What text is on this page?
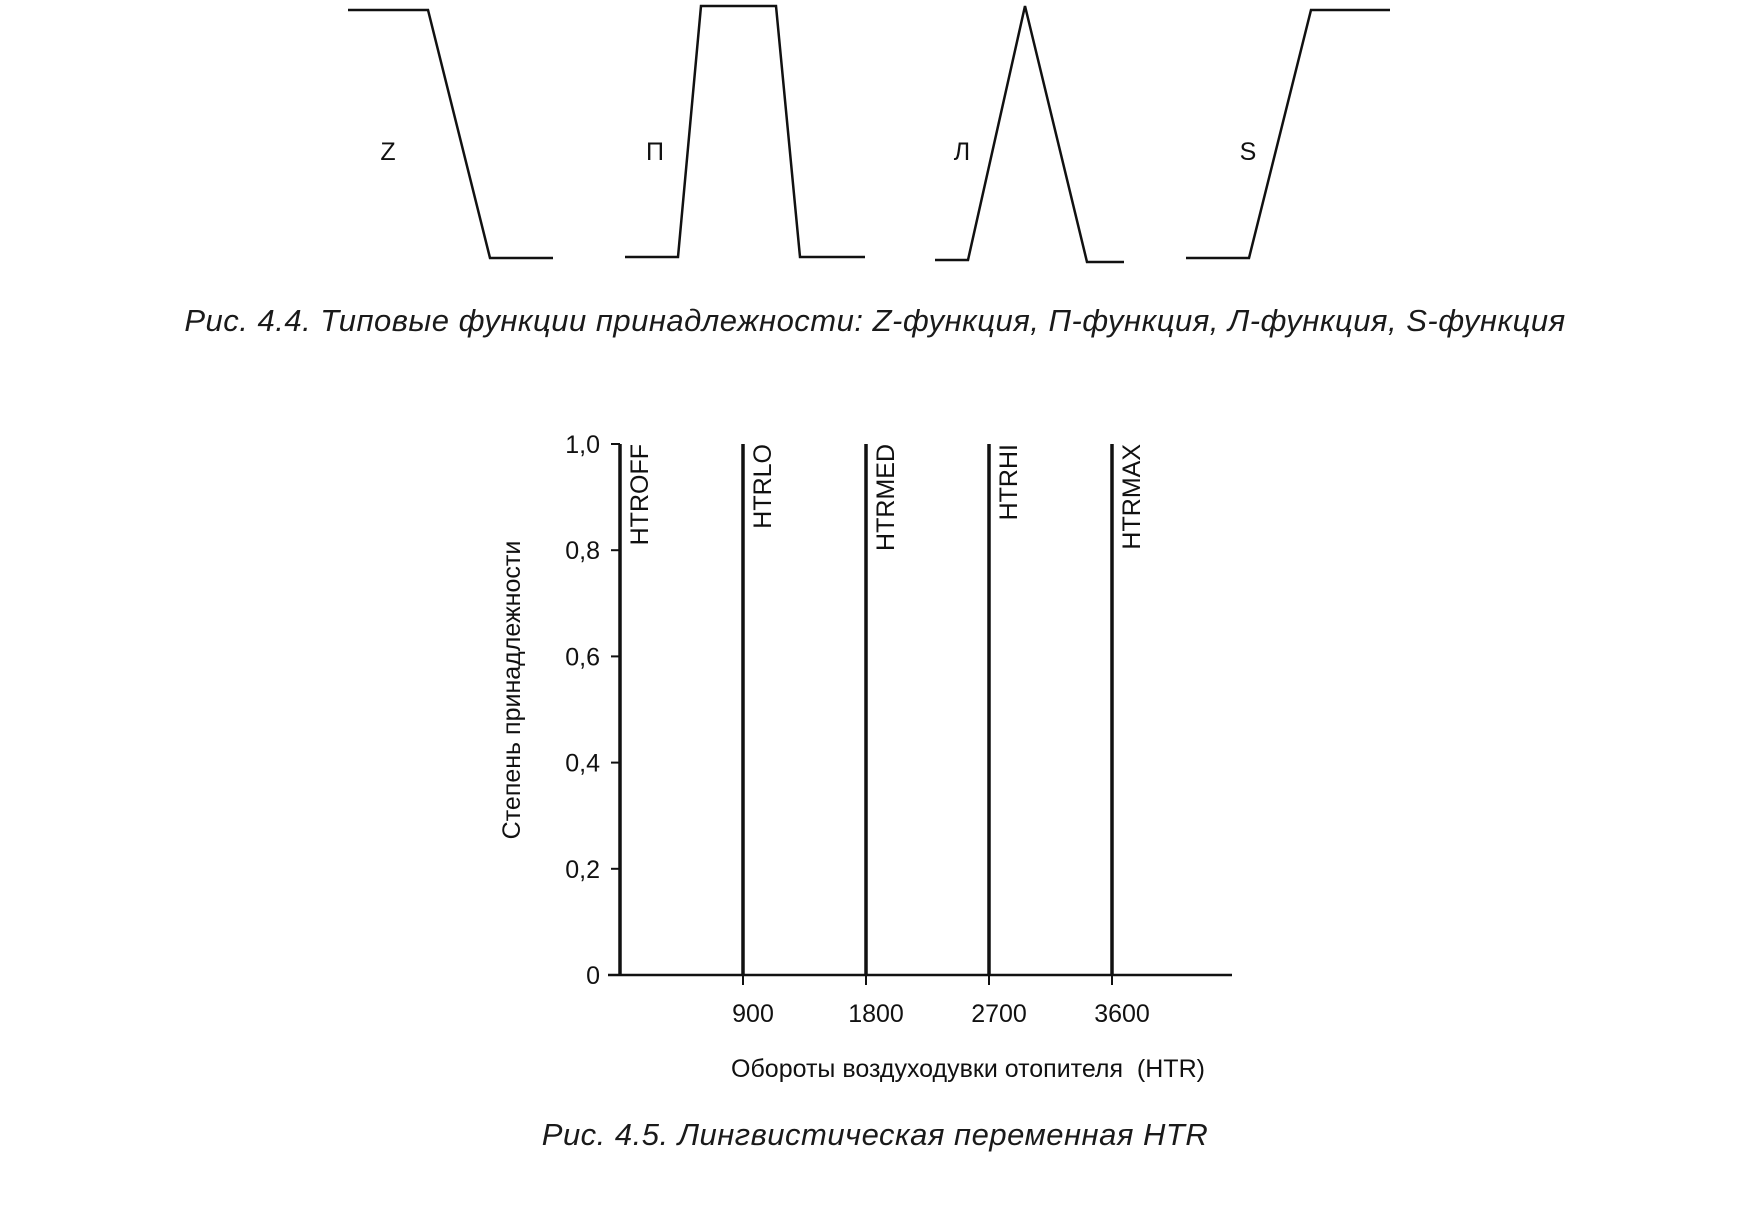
Z	П	Л	S
Рис. 4.4. Типовые функции принадлежности: Z-функция, П-функция, Л-функция, S-функция
0
0,2
0,4
0,6
0,8
1,0
900	1800	2700	3600
HTROFF	HTRLO	HTRMED	HTRHI	HTRMAX
Обороты воздуходувки отопителя  (HTR)
Степень принадлежности
Рис. 4.5. Лингвистическая переменная HTR
